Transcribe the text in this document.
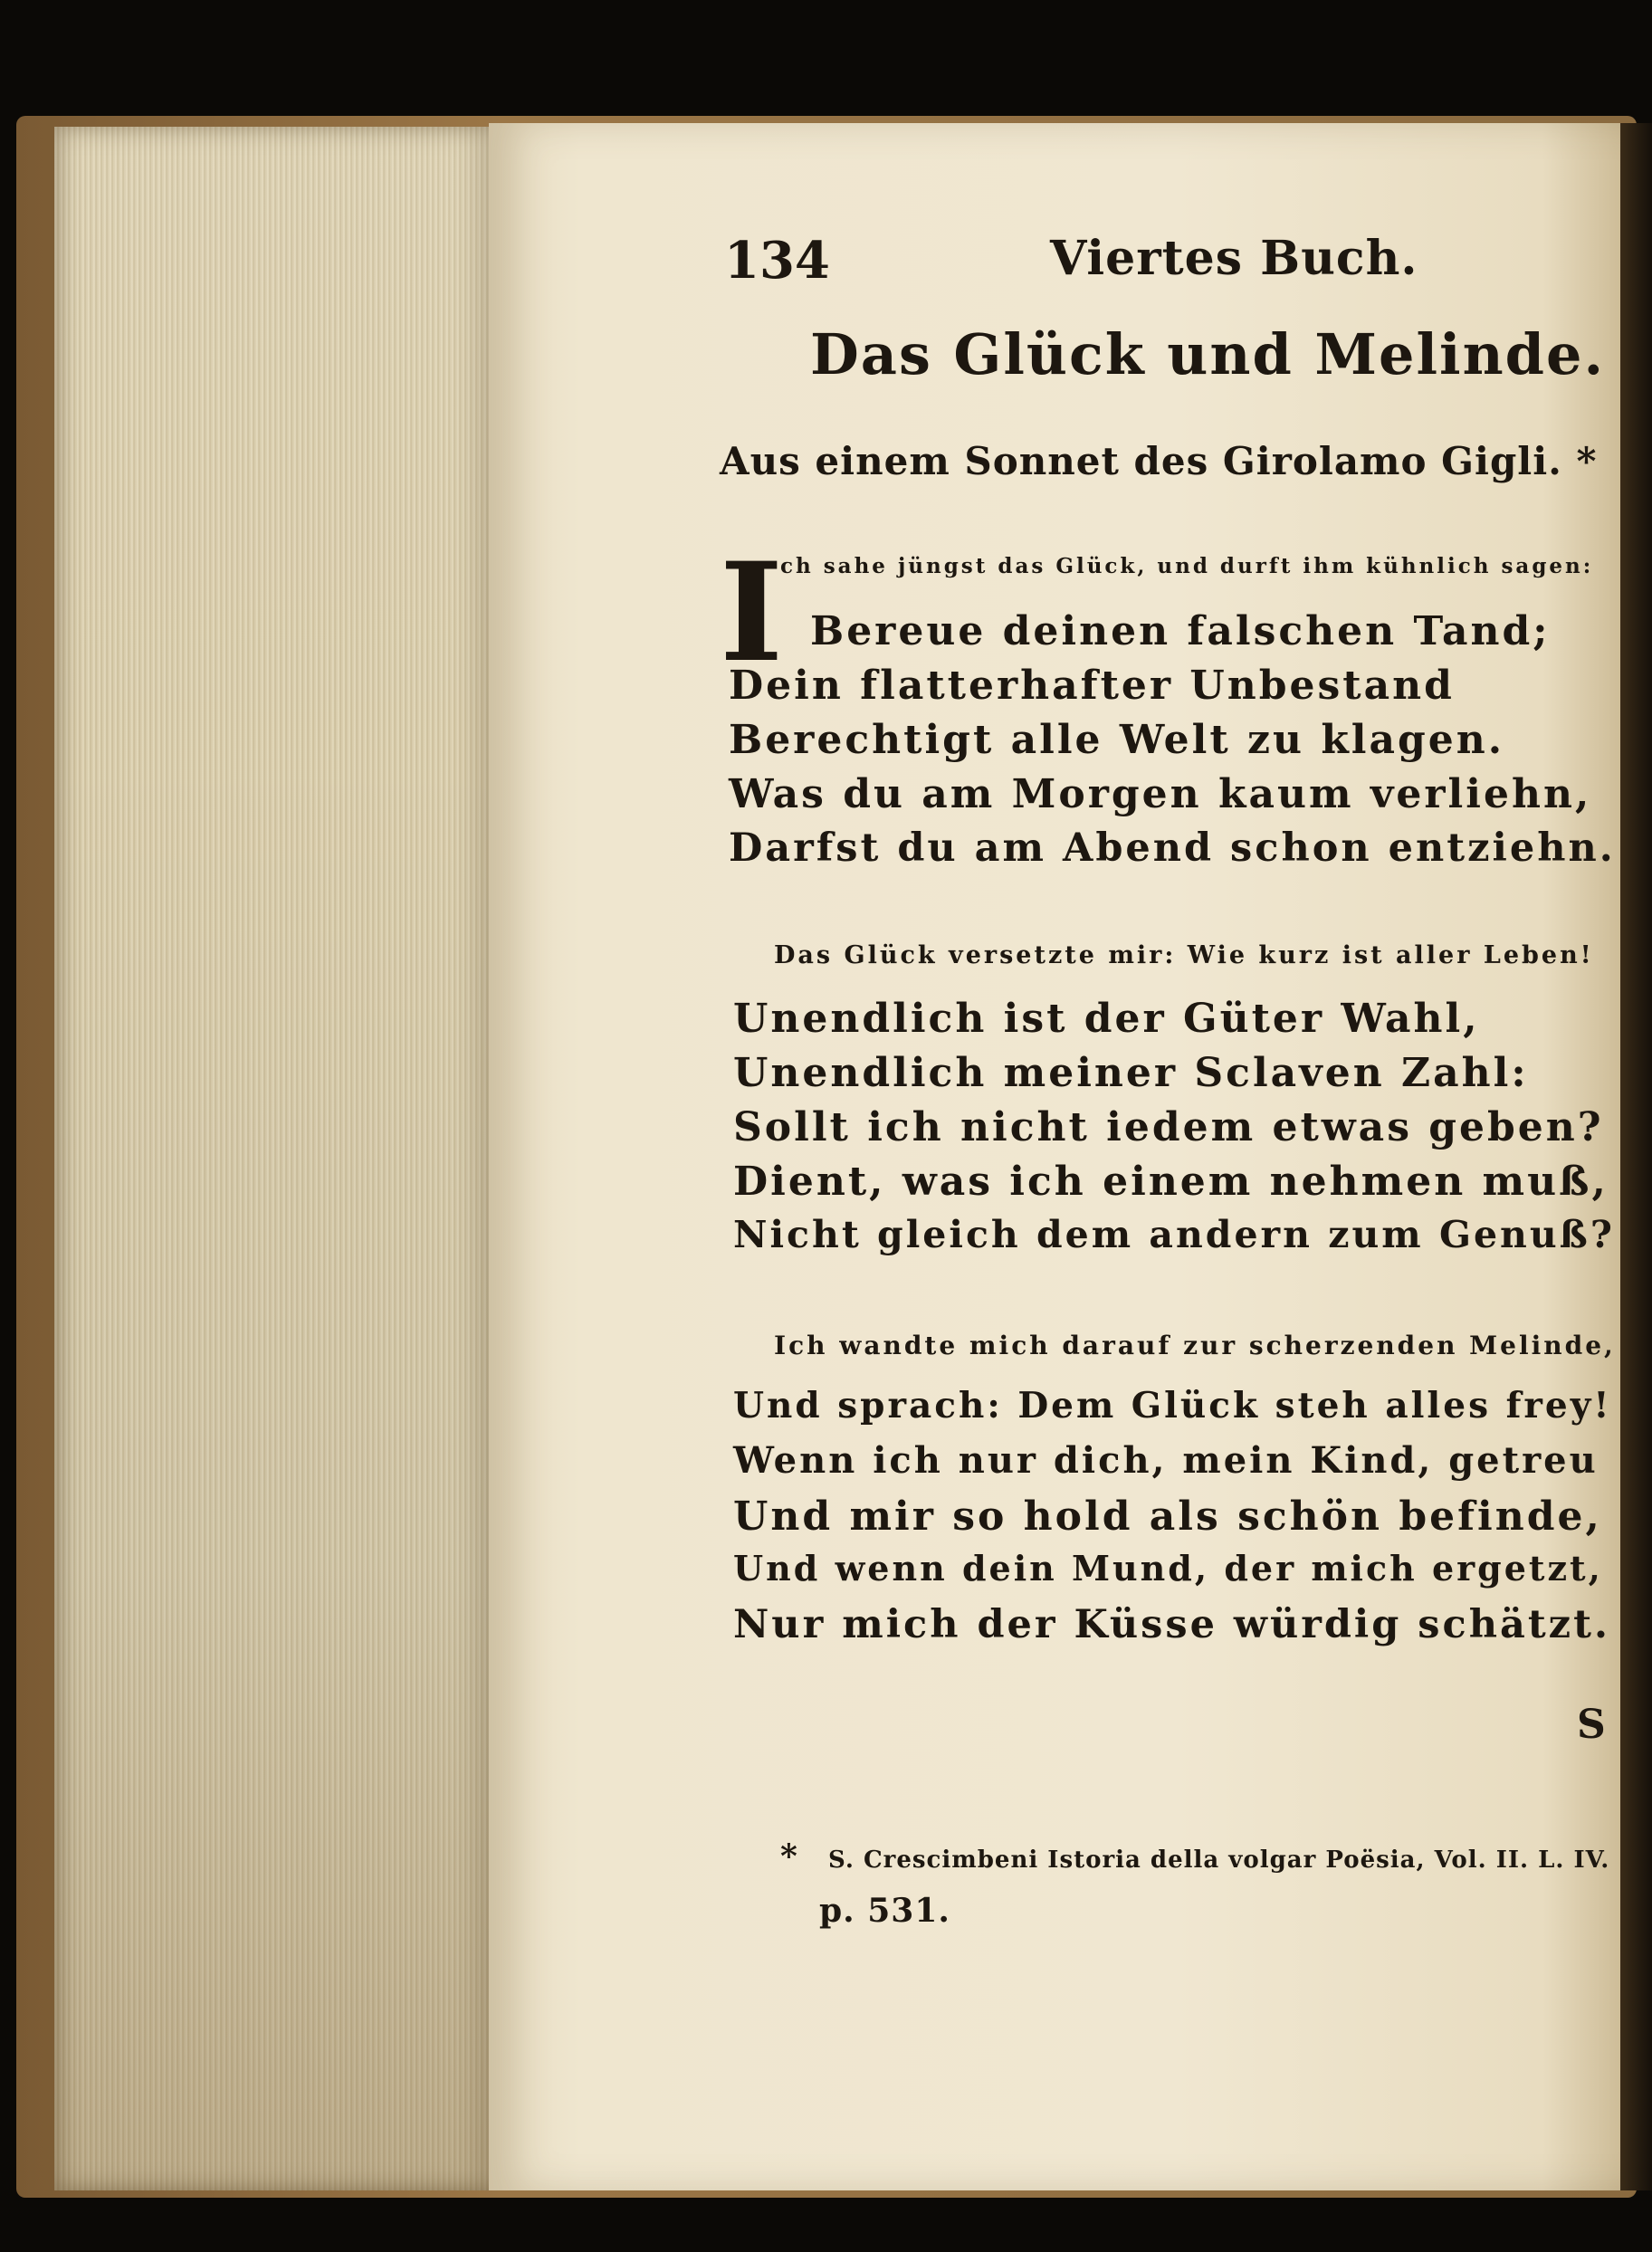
134	Viertes Buch.
Das Glück und Melinde.
Aus einem Sonnet des Girolamo Gigli. *
I
ch sahe jüngst das Glück, und durft ihm kühnlich sagen:
Bereue deinen falschen Tand;
Dein flatterhafter Unbestand
Berechtigt alle Welt zu klagen.
Was du am Morgen kaum verliehn,
Darfst du am Abend schon entziehn.
Das Glück versetzte mir: Wie kurz ist aller Leben!
Unendlich ist der Güter Wahl,
Unendlich meiner Sclaven Zahl:
Sollt ich nicht iedem etwas geben?
Dient, was ich einem nehmen muß,
Nicht gleich dem andern zum Genuß?
Ich wandte mich darauf zur scherzenden Melinde,
Und sprach: Dem Glück steh alles frey!
Wenn ich nur dich, mein Kind, getreu
Und mir so hold als schön befinde,
Und wenn dein Mund, der mich ergetzt,
Nur mich der Küsse würdig schätzt.
S
* S. Crescimbeni Istoria della volgar Poësia, Vol. II. L. IV.
p. 531.
